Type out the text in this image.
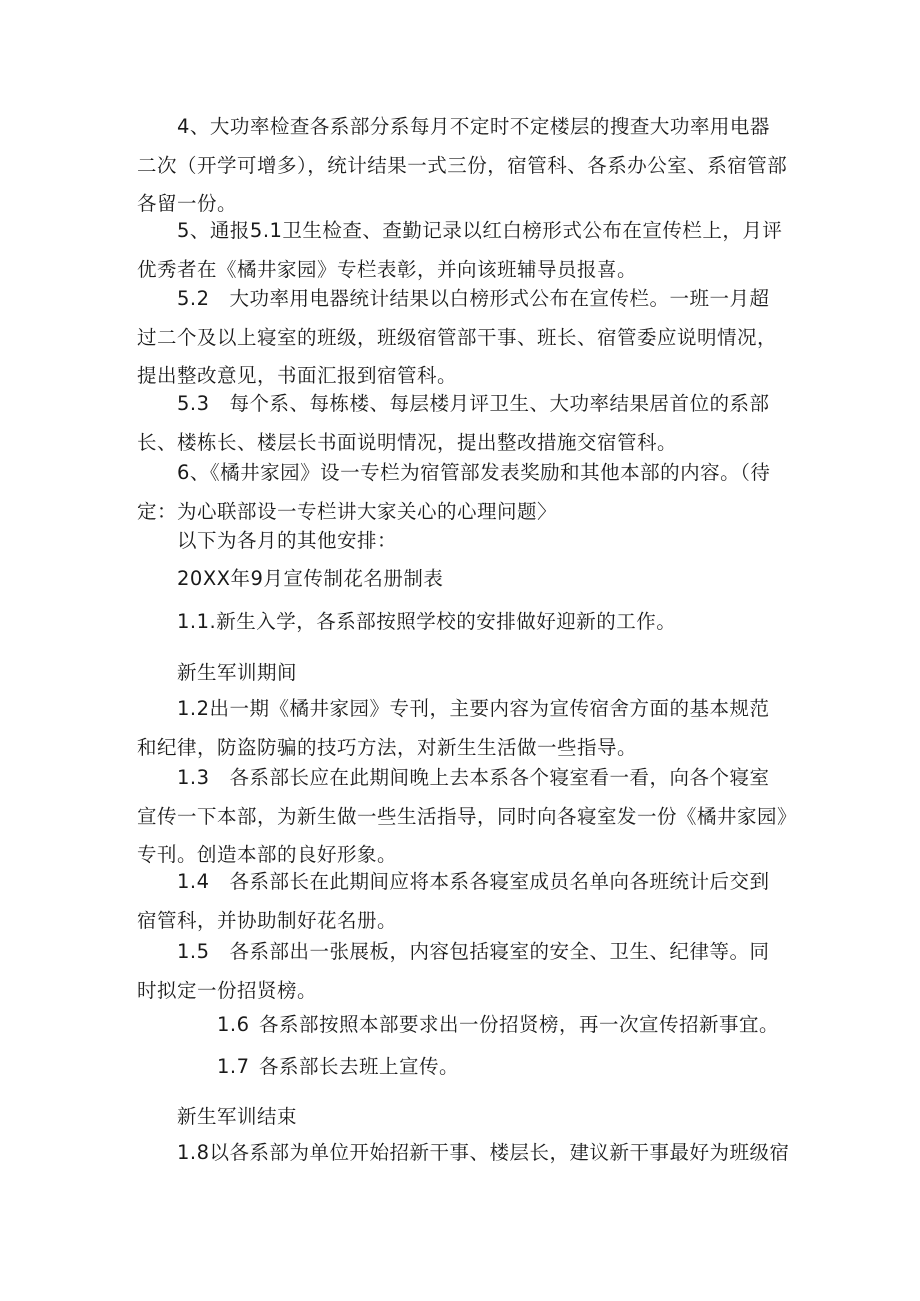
4、大功率检查各系部分系每月不定时不定楼层的搜查大功率用电器二次（开学可增多），统计结果一式三份，宿管科、各系办公室、系宿管部各留一份。

5、通报5.1卫生检查、查勤记录以红白榜形式公布在宣传栏上，月评优秀者在《橘井家园》专栏表彰，并向该班辅导员报喜。

5.2　大功率用电器统计结果以白榜形式公布在宣传栏。一班一月超过二个及以上寝室的班级，班级宿管部干事、班长、宿管委应说明情况，提出整改意见，书面汇报到宿管科。

5.3　每个系、每栋楼、每层楼月评卫生、大功率结果居首位的系部长、楼栋长、楼层长书面说明情况，提出整改措施交宿管科。

6、《橘井家园》设一专栏为宿管部发表奖励和其他本部的内容。（待定：为心联部设一专栏讲大家关心的心理问题〉

以下为各月的其他安排：

20XX年9月宣传制花名册制表

1.1.新生入学，各系部按照学校的安排做好迎新的工作。

新生军训期间

1.2出一期《橘井家园》专刊，主要内容为宣传宿舍方面的基本规范和纪律，防盗防骗的技巧方法，对新生生活做一些指导。

1.3　各系部长应在此期间晚上去本系各个寝室看一看，向各个寝室宣传一下本部，为新生做一些生活指导，同时向各寝室发一份《橘井家园》专刊。创造本部的良好形象。

1.4　各系部长在此期间应将本系各寝室成员名单向各班统计后交到宿管科，并协助制好花名册。

1.5　各系部出一张展板，内容包括寝室的安全、卫生、纪律等。同时拟定一份招贤榜。

1.6 各系部按照本部要求出一份招贤榜，再一次宣传招新事宜。

1.7 各系部长去班上宣传。

新生军训结束

1.8以各系部为单位开始招新干事、楼层长，建议新干事最好为班级宿
